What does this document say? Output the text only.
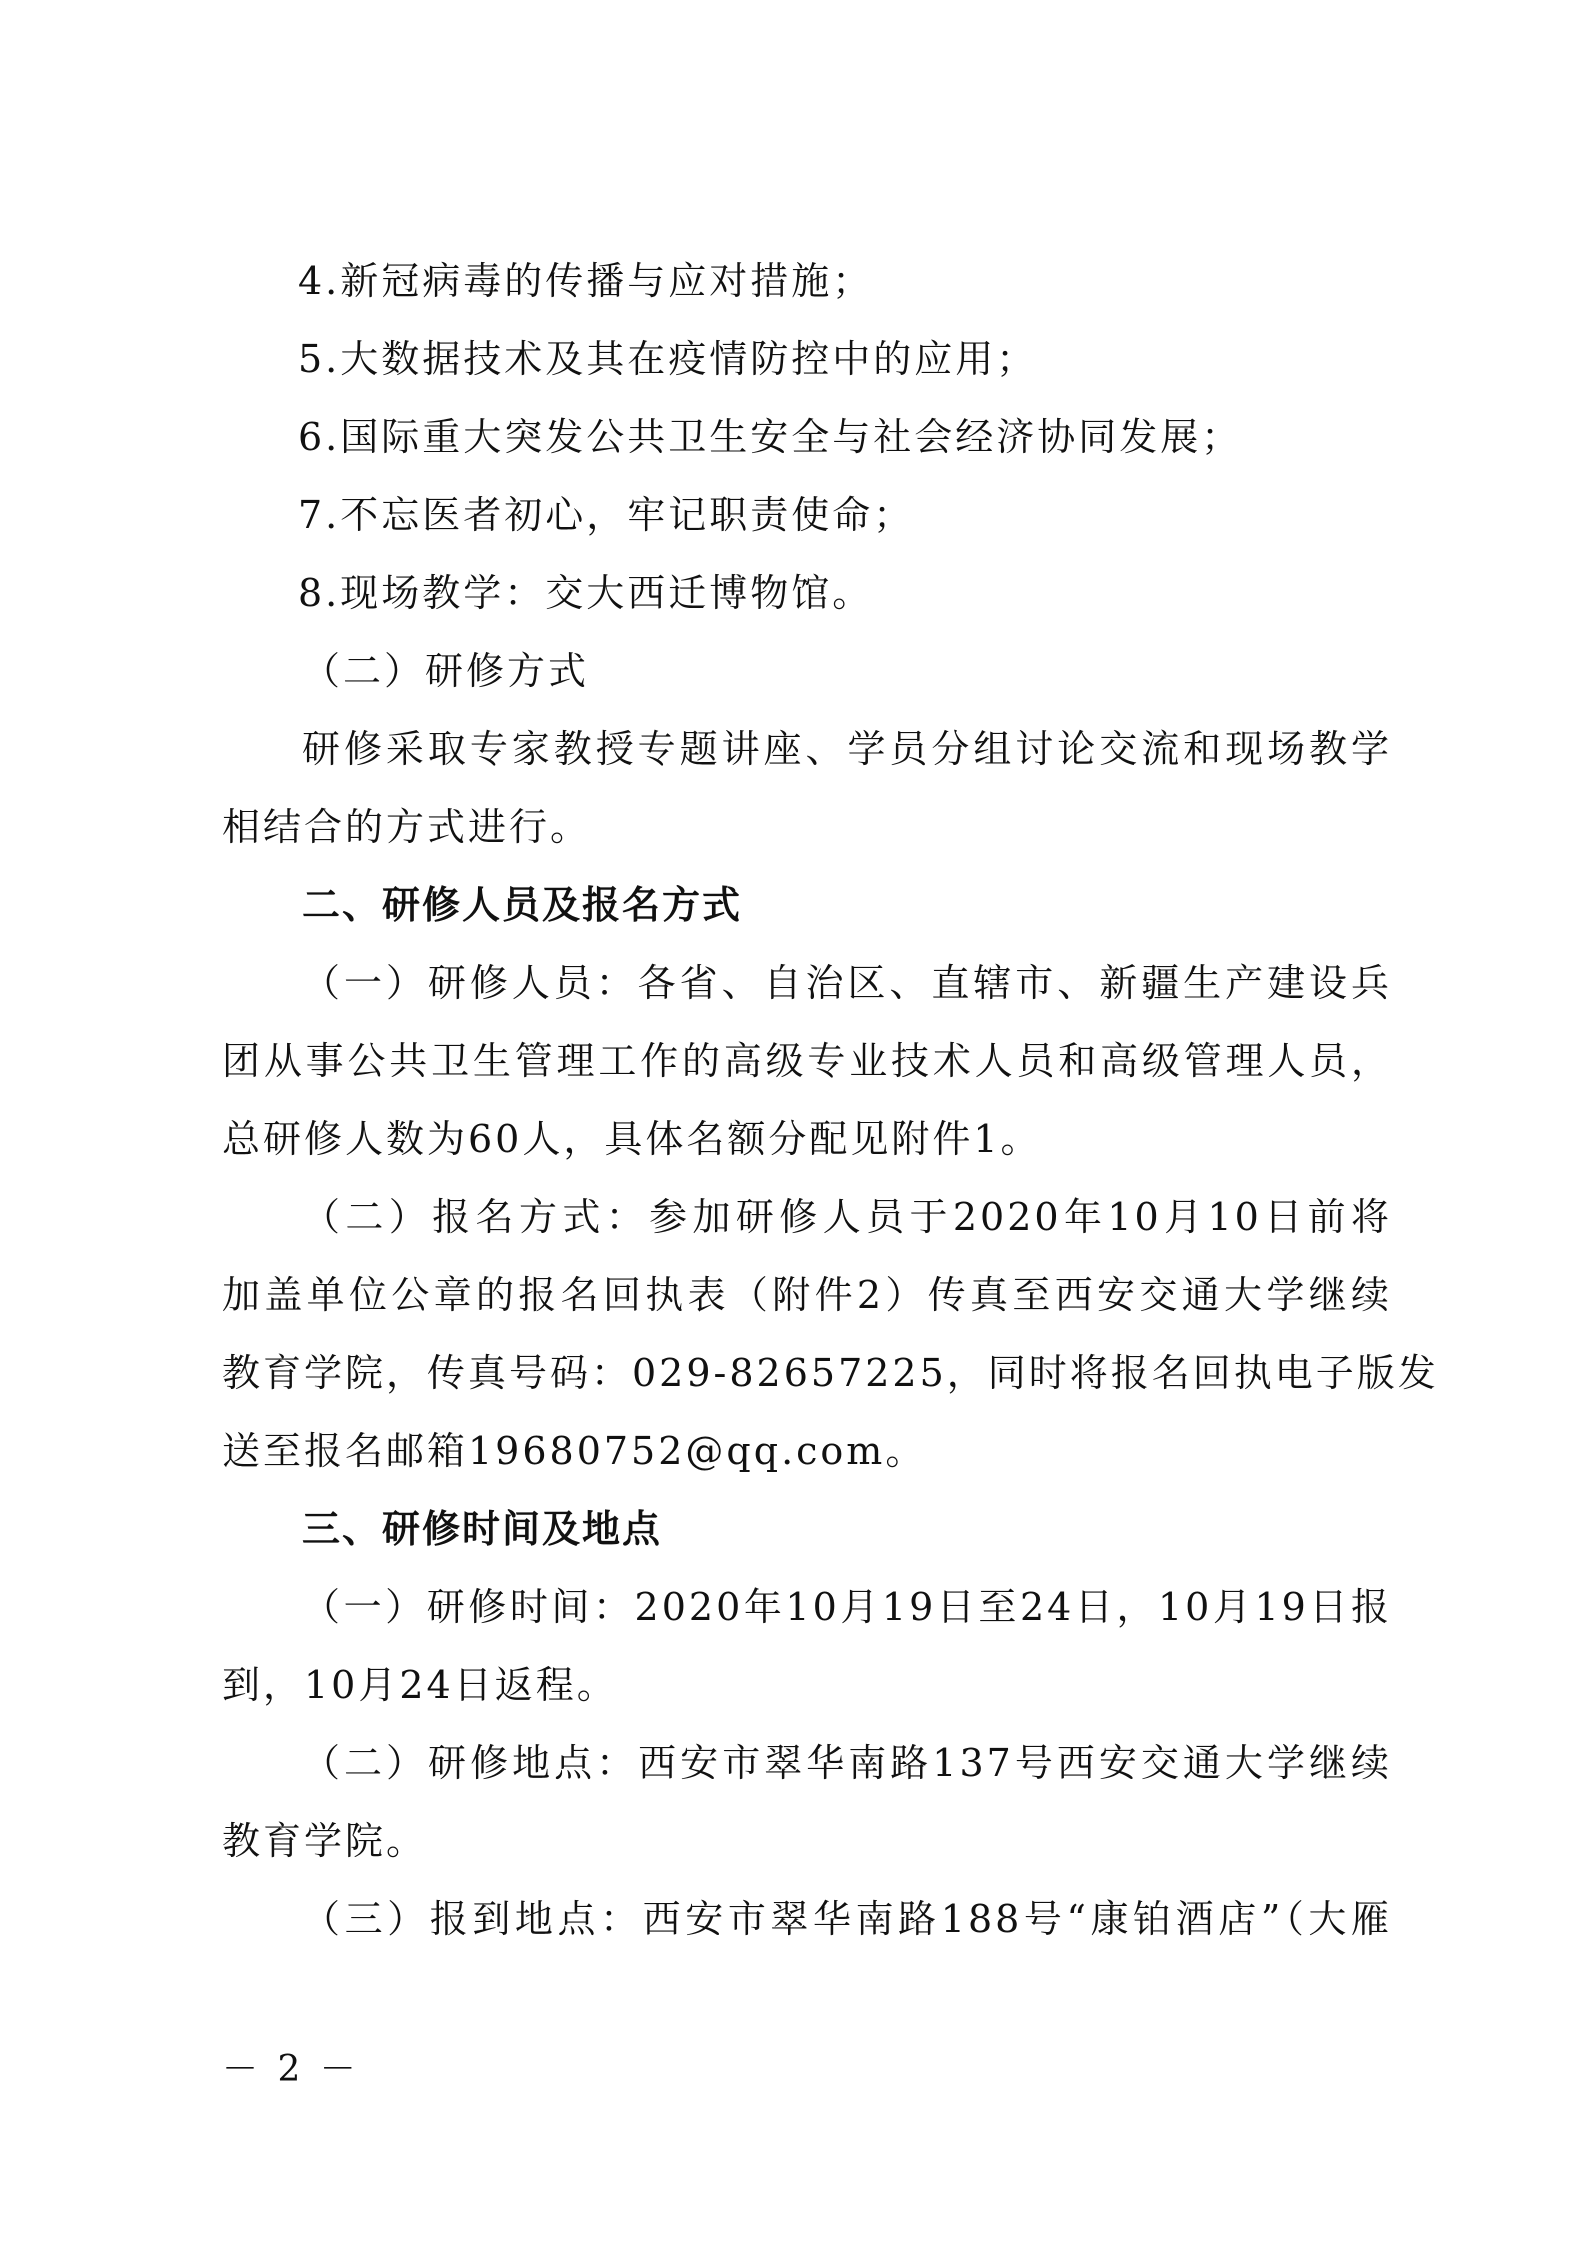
4.新冠病毒的传播与应对措施；
5.大数据技术及其在疫情防控中的应用；
6.国际重大突发公共卫生安全与社会经济协同发展；
7.不忘医者初心，牢记职责使命；
8.现场教学：交大西迁博物馆。
（二）研修方式
研修采取专家教授专题讲座、学员分组讨论交流和现场教学
相结合的方式进行。
二、研修人员及报名方式
（一）研修人员：各省、自治区、直辖市、新疆生产建设兵
团从事公共卫生管理工作的高级专业技术人员和高级管理人员，
总研修人数为60人，具体名额分配见附件1。
（二）报名方式：参加研修人员于2020年10月10日前将
加盖单位公章的报名回执表（附件2）传真至西安交通大学继续
教育学院，传真号码：029-82657225，同时将报名回执电子版发
送至报名邮箱19680752@qq.com。
三、研修时间及地点
（一）研修时间：2020年10月19日至24日，10月19日报
到，10月24日返程。
（二）研修地点：西安市翠华南路137号西安交通大学继续
教育学院。
（三）报到地点：西安市翠华南路188号“康铂酒店”（大雁
－ 2 －
